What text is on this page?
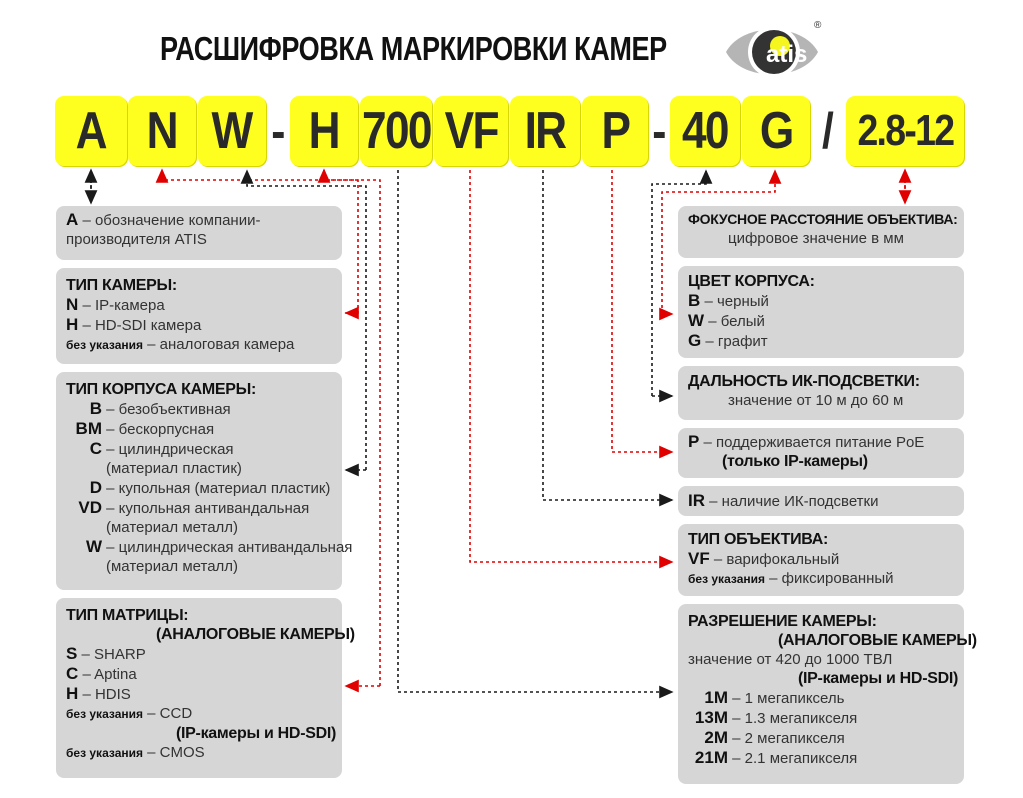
РАСШИФРОВКА МАРКИРОВКИ КАМЕР	atis
®
A N W - H 700 VF IR P - 40 G / 2.8-12
A – обозначение компании-
производителя ATIS
ТИП КАМЕРЫ:
N – IP-камера
H – HD-SDI камера
без указания – аналоговая камера
ТИП КОРПУСА КАМЕРЫ:
B – безобъективная
BM – бескорпусная
C – цилиндрическая
(материал пластик)
D – купольная (материал пластик)
VD – купольная антивандальная
(материал металл)
W – цилиндрическая антивандальная
(материал металл)
ТИП МАТРИЦЫ:
(АНАЛОГОВЫЕ КАМЕРЫ)
S – SHARP
C – Aptina
H – HDIS
без указания – CCD
(IP-камеры и HD-SDI)
без указания – CMOS
ФОКУСНОЕ РАССТОЯНИЕ ОБЪЕКТИВА:
цифровое значение в мм
ЦВЕТ КОРПУСА:
B – черный
W – белый
G – графит
ДАЛЬНОСТЬ ИК-ПОДСВЕТКИ:
значение от 10 м до 60 м
P – поддерживается питание PoE
(только IP-камеры)
IR – наличие ИК-подсветки
ТИП ОБЪЕКТИВА:
VF – варифокальный
без указания – фиксированный
РАЗРЕШЕНИЕ КАМЕРЫ:
(АНАЛОГОВЫЕ КАМЕРЫ)
значение от 420 до 1000 ТВЛ
(IP-камеры и HD-SDI)
1M – 1 мегапиксель
13M – 1.3 мегапикселя
2M – 2 мегапикселя
21M – 2.1 мегапикселя
